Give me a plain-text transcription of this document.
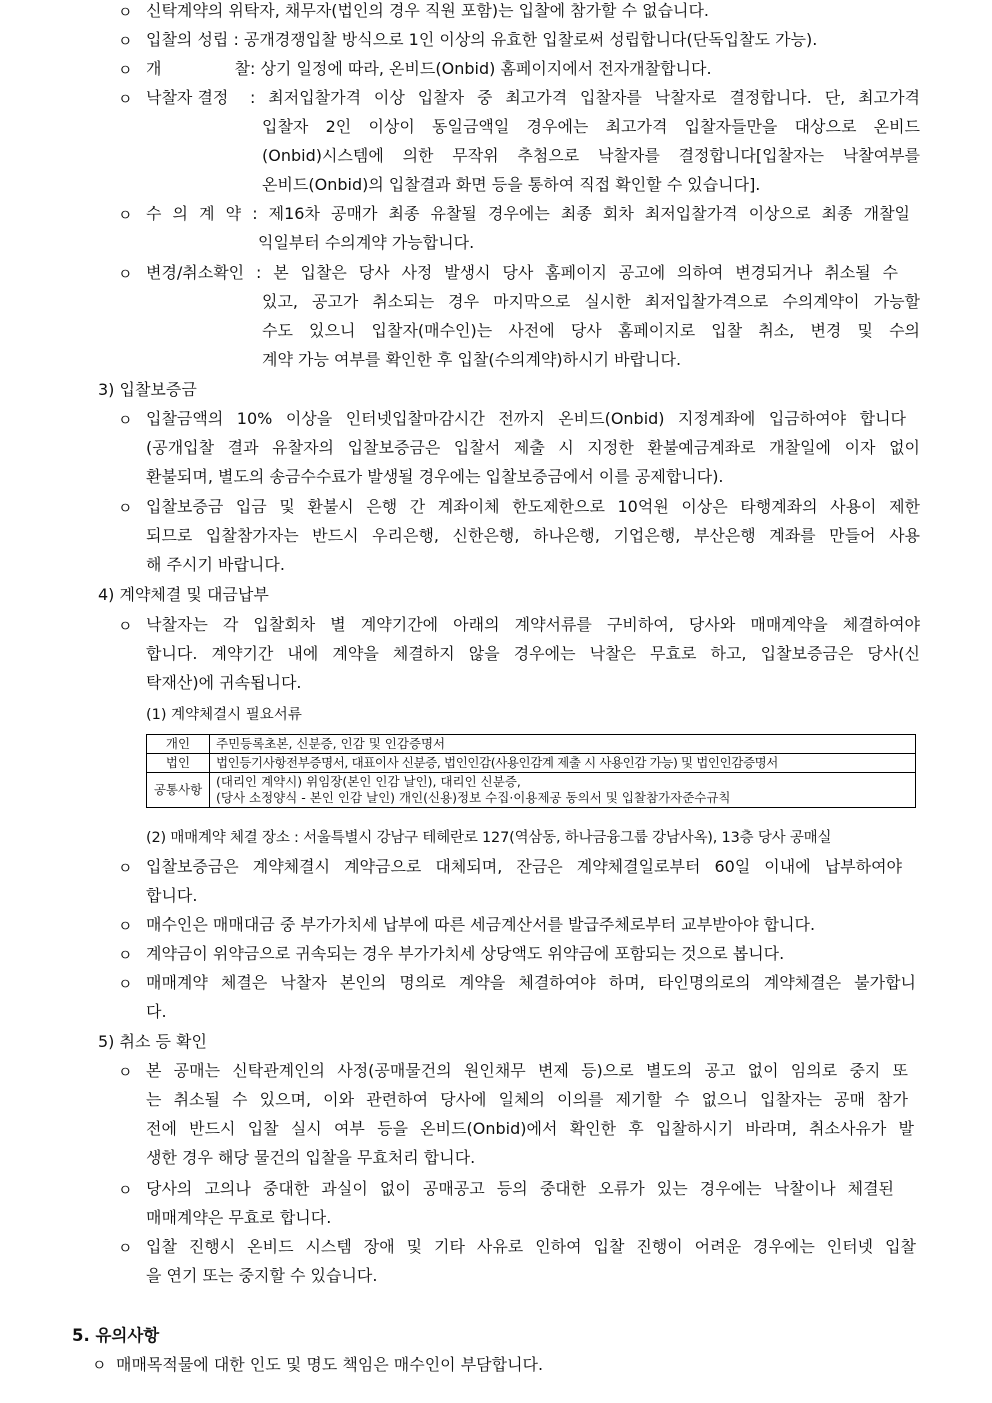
ㅇ
ㅇ
ㅇ
ㅇ
ㅇ
ㅇ
ㅇ
ㅇ
ㅇ
ㅇ
ㅇ
ㅇ
ㅇ
ㅇ
ㅇ
ㅇ
ㅇ
신탁계약의 위탁자, 채무자(법인의 경우 직원 포함)는 입찰에 참가할 수 없습니다.
입찰의 성립 : 공개경쟁입찰 방식으로 1인 이상의 유효한 입찰로써 성립합니다(단독입찰도 가능).
개 찰 : 상기 일정에 따라, 온비드(Onbid) 홈페이지에서 전자개찰합니다.
낙찰자 결정 : 최저입찰가격 이상 입찰자 중 최고가격 입찰자를 낙찰자로 결정합니다. 단, 최고가격
입찰자 2인 이상이 동일금액일 경우에는 최고가격 입찰자들만을 대상으로 온비드
(Onbid)시스템에 의한 무작위 추첨으로 낙찰자를 결정합니다[입찰자는 낙찰여부를
온비드(Onbid)의 입찰결과 화면 등을 통하여 직접 확인할 수 있습니다].
수 의 계 약 : 제16차 공매가 최종 유찰될 경우에는 최종 회차 최저입찰가격 이상으로 최종 개찰일
익일부터 수의계약 가능합니다.
변경/취소확인 : 본 입찰은 당사 사정 발생시 당사 홈페이지 공고에 의하여 변경되거나 취소될 수
있고, 공고가 취소되는 경우 마지막으로 실시한 최저입찰가격으로 수의계약이 가능할
수도 있으니 입찰자(매수인)는 사전에 당사 홈페이지로 입찰 취소, 변경 및 수의
계약 가능 여부를 확인한 후 입찰(수의계약)하시기 바랍니다.
3) 입찰보증금
입찰금액의 10% 이상을 인터넷입찰마감시간 전까지 온비드(Onbid) 지정계좌에 입금하여야 합니다
(공개입찰 결과 유찰자의 입찰보증금은 입찰서 제출 시 지정한 환불예금계좌로 개찰일에 이자 없이
환불되며, 별도의 송금수수료가 발생될 경우에는 입찰보증금에서 이를 공제합니다).
입찰보증금 입금 및 환불시 은행 간 계좌이체 한도제한으로 10억원 이상은 타행계좌의 사용이 제한
되므로 입찰참가자는 반드시 우리은행, 신한은행, 하나은행, 기업은행, 부산은행 계좌를 만들어 사용
해 주시기 바랍니다.
4) 계약체결 및 대금납부
낙찰자는 각 입찰회차 별 계약기간에 아래의 계약서류를 구비하여, 당사와 매매계약을 체결하여야
합니다. 계약기간 내에 계약을 체결하지 않을 경우에는 낙찰은 무효로 하고, 입찰보증금은 당사(신
탁재산)에 귀속됩니다.
(1) 계약체결시 필요서류
개인	주민등록초본, 신분증, 인감 및 인감증명서
법인	법인등기사항전부증명서, 대표이사 신분증, 법인인감(사용인감계 제출 시 사용인감 가능) 및 법인인감증명서
공통사항	(대리인 계약시) 위임장(본인 인감 날인), 대리인 신분증,
(당사 소정양식 - 본인 인감 날인) 개인(신용)정보 수집·이용제공 동의서 및 입찰참가자준수규칙
(2) 매매계약 체결 장소 : 서울특별시 강남구 테헤란로 127(역삼동, 하나금융그룹 강남사옥), 13층 당사 공매실
입찰보증금은 계약체결시 계약금으로 대체되며, 잔금은 계약체결일로부터 60일 이내에 납부하여야
합니다.
매수인은 매매대금 중 부가가치세 납부에 따른 세금계산서를 발급주체로부터 교부받아야 합니다.
계약금이 위약금으로 귀속되는 경우 부가가치세 상당액도 위약금에 포함되는 것으로 봅니다.
매매계약 체결은 낙찰자 본인의 명의로 계약을 체결하여야 하며, 타인명의로의 계약체결은 불가합니
다.
5) 취소 등 확인
본 공매는 신탁관계인의 사정(공매물건의 원인채무 변제 등)으로 별도의 공고 없이 임의로 중지 또
는 취소될 수 있으며, 이와 관련하여 당사에 일체의 이의를 제기할 수 없으니 입찰자는 공매 참가
전에 반드시 입찰 실시 여부 등을 온비드(Onbid)에서 확인한 후 입찰하시기 바라며, 취소사유가 발
생한 경우 해당 물건의 입찰을 무효처리 합니다.
당사의 고의나 중대한 과실이 없이 공매공고 등의 중대한 오류가 있는 경우에는 낙찰이나 체결된
매매계약은 무효로 합니다.
입찰 진행시 온비드 시스템 장애 및 기타 사유로 인하여 입찰 진행이 어려운 경우에는 인터넷 입찰
을 연기 또는 중지할 수 있습니다.
5. 유의사항
매매목적물에 대한 인도 및 명도 책임은 매수인이 부담합니다.
